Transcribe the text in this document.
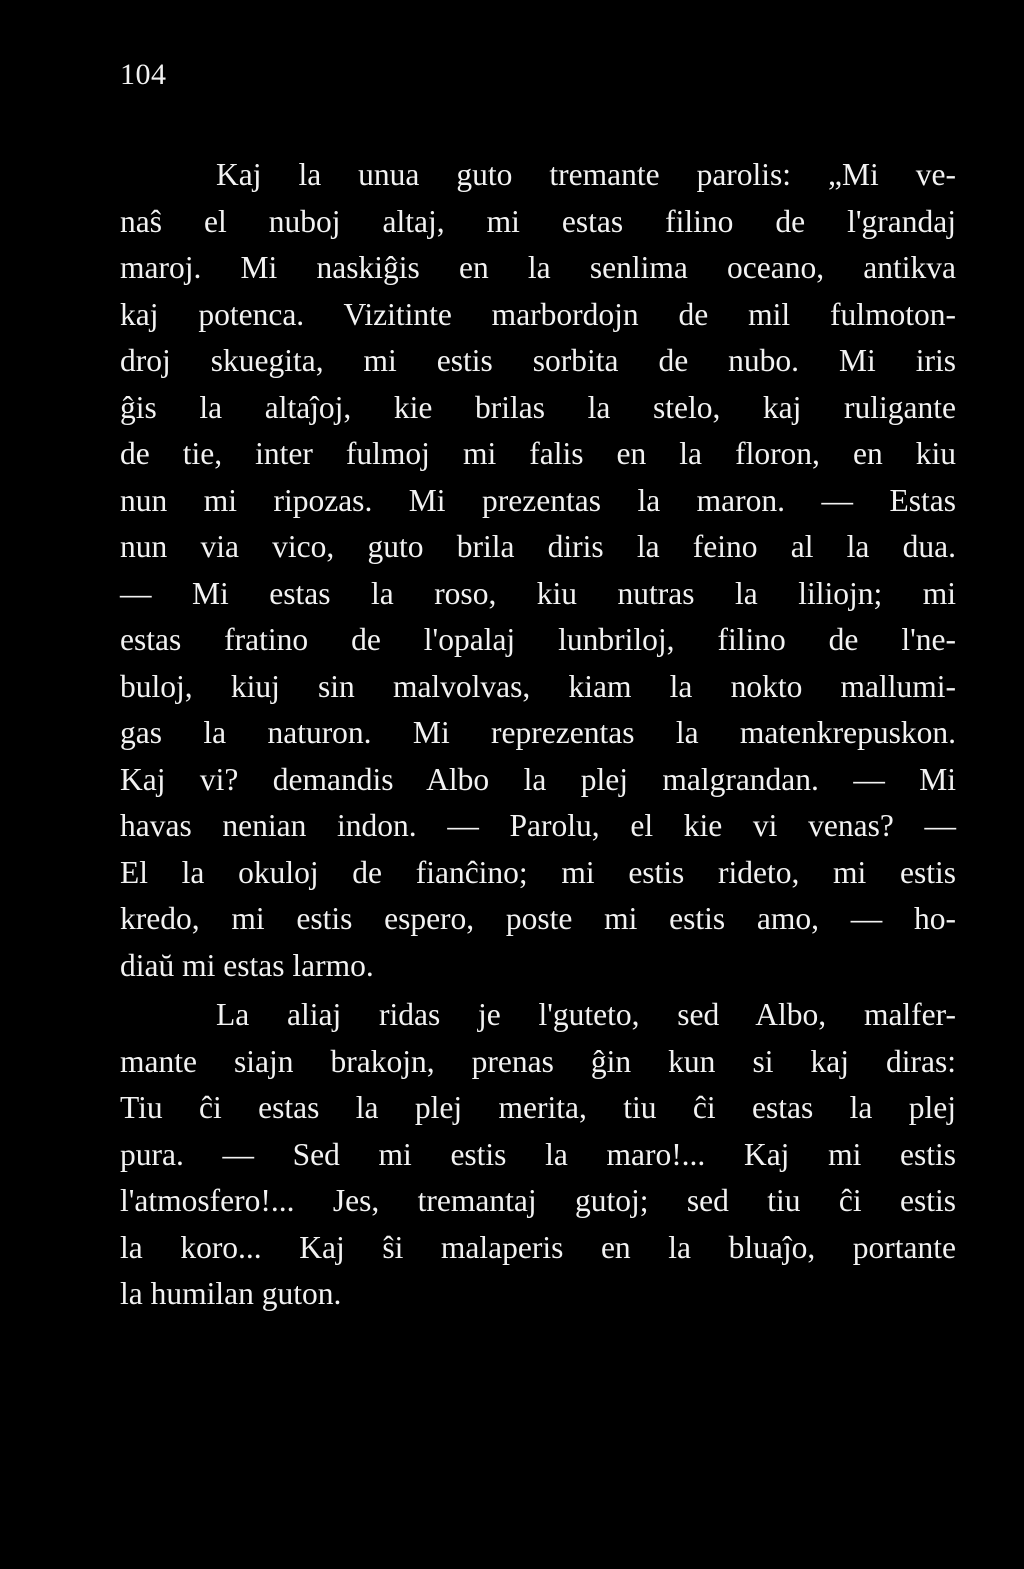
104
Kaj la unua guto tremante parolis: „Mi ve-
naŝ el nuboj altaj, mi estas filino de l'grandaj
maroj. Mi naskiĝis en la senlima oceano, antikva
kaj potenca. Vizitinte marbordojn de mil fulmoton-
droj skuegita, mi estis sorbita de nubo. Mi iris
ĝis la altaĵoj, kie brilas la stelo, kaj ruligante
de tie, inter fulmoj mi falis en la floron, en kiu
nun mi ripozas. Mi prezentas la maron. — Estas
nun via vico, guto brila diris la feino al la dua.
— Mi estas la roso, kiu nutras la liliojn; mi
estas fratino de l'opalaj lunbriloj, filino de l'ne-
buloj, kiuj sin malvolvas, kiam la nokto mallumi-
gas la naturon. Mi reprezentas la matenkrepuskon.
Kaj vi? demandis Albo la plej malgrandan. — Mi
havas nenian indon. — Parolu, el kie vi venas? —
El la okuloj de fianĉino; mi estis rideto, mi estis
kredo, mi estis espero, poste mi estis amo, — ho-
diaŭ mi estas larmo.
La aliaj ridas je l'guteto, sed Albo, malfer-
mante siajn brakojn, prenas ĝin kun si kaj diras:
Tiu ĉi estas la plej merita, tiu ĉi estas la plej
pura. — Sed mi estis la maro!... Kaj mi estis
l'atmosfero!... Jes, tremantaj gutoj; sed tiu ĉi estis
la koro... Kaj ŝi malaperis en la bluaĵo, portante
la humilan guton.
